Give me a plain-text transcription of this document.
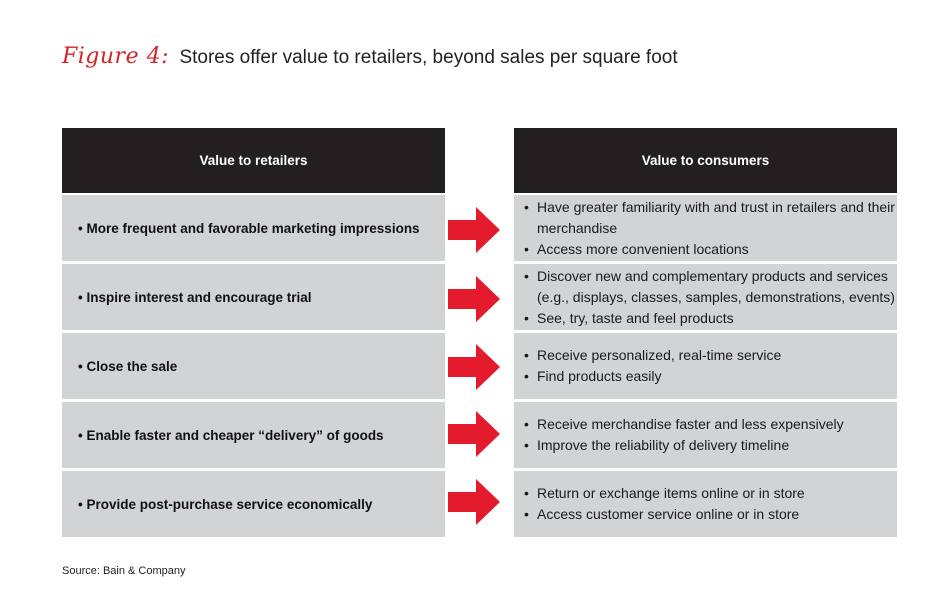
Figure 4: Stores offer value to retailers, beyond sales per square foot
Value to retailers
• More frequent and favorable marketing impressions
• Inspire interest and encourage trial
• Close the sale
• Enable faster and cheaper “delivery” of goods
• Provide post-purchase service economically
Value to consumers
• Have greater familiarity with and trust in retailers and their merchandise
• Access more convenient locations
• Discover new and complementary products and services (e.g., displays, classes, samples, demonstrations, events)
• See, try, taste and feel products
• Receive personalized, real-time service
• Find products easily
• Receive merchandise faster and less expensively
• Improve the reliability of delivery timeline
• Return or exchange items online or in store
• Access customer service online or in store
Source: Bain & Company
